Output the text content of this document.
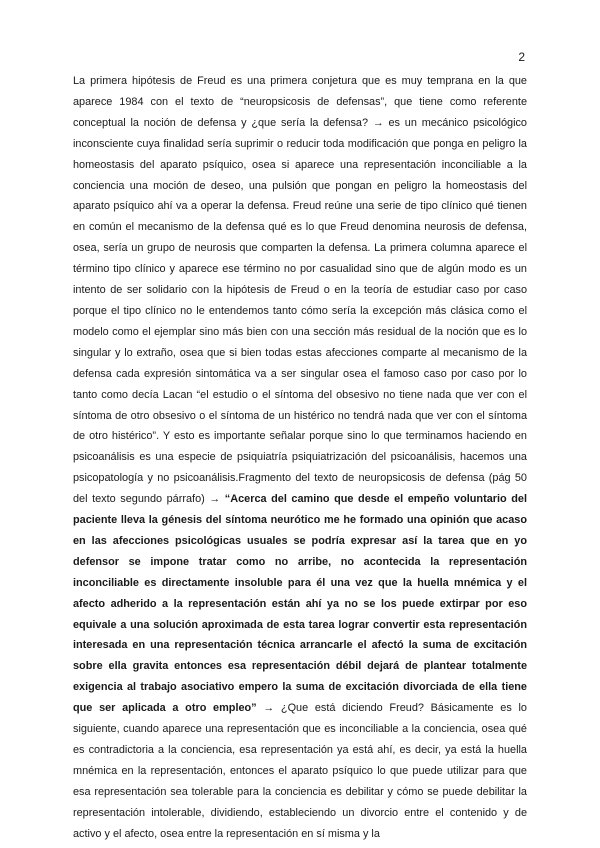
2

La primera hipótesis de Freud es una primera conjetura que es muy temprana en la que aparece 1984 con el texto de “neuropsicosis de defensas”, que tiene como referente conceptual la noción de defensa y ¿que sería la defensa? → es un mecánico psicológico inconsciente cuya finalidad sería suprimir o reducir toda modificación que ponga en peligro la homeostasis del aparato psíquico, osea si aparece una representación inconciliable a la conciencia una moción de deseo, una pulsión que pongan en peligro la homeostasis del aparato psíquico ahí va a operar la defensa. Freud reúne una serie de tipo clínico qué tienen en común el mecanismo de la defensa qué es lo que Freud denomina neurosis de defensa, osea, sería un grupo de neurosis que comparten la defensa. La primera columna aparece el término tipo clínico y aparece ese término no por casualidad sino que de algún modo es un intento de ser solidario con la hipótesis de Freud o en la teoría de estudiar caso por caso porque el tipo clínico no le entendemos tanto cómo sería la excepción más clásica como el modelo como el ejemplar sino más bien con una sección más residual de la noción que es lo singular y lo extraño, osea que si bien todas estas afecciones comparte al mecanismo de la defensa cada expresión sintomática va a ser singular osea el famoso caso por caso por lo tanto como decía Lacan “el estudio o el síntoma del obsesivo no tiene nada que ver con el síntoma de otro obsesivo o el síntoma de un histérico no tendrá nada que ver con el síntoma de otro histérico”. Y esto es importante señalar porque sino lo que terminamos haciendo en psicoanálisis es una especie de psiquiatría psiquiatrización del psicoanálisis, hacemos una psicopatología y no psicoanálisis.Fragmento del texto de neuropsicosis de defensa (pág 50 del texto segundo párrafo) → “Acerca del camino que desde el empeño voluntario del paciente lleva la génesis del síntoma neurótico me he formado una opinión que acaso en las afecciones psicológicas usuales se podría expresar así la tarea que en yo defensor se impone tratar como no arribe, no acontecida la representación inconciliable es directamente insoluble para él una vez que la huella mnémica y el afecto adherido a la representación están ahí ya no se los puede extirpar por eso equivale a una solución aproximada de esta tarea lograr convertir esta representación interesada en una representación técnica arrancarle el afectó la suma de excitación sobre ella gravita entonces esa representación débil dejará de plantear totalmente exigencia al trabajo asociativo empero la suma de excitación divorciada de ella tiene que ser aplicada a otro empleo” → ¿Que está diciendo Freud? Básicamente es lo siguiente, cuando aparece una representación que es inconciliable a la conciencia, osea qué es contradictoria a la conciencia, esa representación ya está ahí, es decir, ya está la huella mnémica en la representación, entonces el aparato psíquico lo que puede utilizar para que esa representación sea tolerable para la conciencia es debilitar y cómo se puede debilitar la representación intolerable, dividiendo, estableciendo un divorcio entre el contenido y de activo y el afecto, osea entre la representación en sí misma y la
